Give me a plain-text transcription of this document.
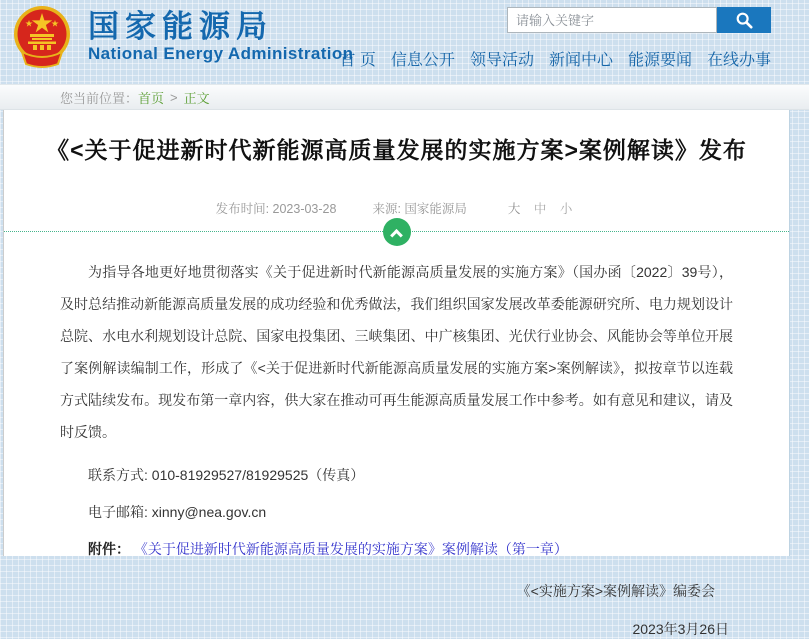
国家能源局
National Energy Administration
请输入关键字
首 页 信息公开 领导活动 新闻中心 能源要闻 在线办事
您当前位置： 首页 > 正文
《<关于促进新时代新能源高质量发展的实施方案>案例解读》发布
发布时间: 2023-03-28	来源: 国家能源局	大 中 小

为指导各地更好地贯彻落实《关于促进新时代新能源高质量发展的实施方案》（国办函〔2022〕39号），及时总结推动新能源高质量发展的成功经验和优秀做法，我们组织国家发展改革委能源研究所、电力规划设计总院、水电水利规划设计总院、国家电投集团、三峡集团、中广核集团、光伏行业协会、风能协会等单位开展了案例解读编制工作，形成了《<关于促进新时代新能源高质量发展的实施方案>案例解读》，拟按章节以连载方式陆续发布。现发布第一章内容，供大家在推动可再生能源高质量发展工作中参考。如有意见和建议，请及时反馈。

联系方式: 010-81929527/81929525（传真）

电子邮箱: xinny@nea.gov.cn

附件： 《关于促进新时代新能源高质量发展的实施方案》案例解读（第一章）

《<实施方案>案例解读》编委会

2023年3月26日
